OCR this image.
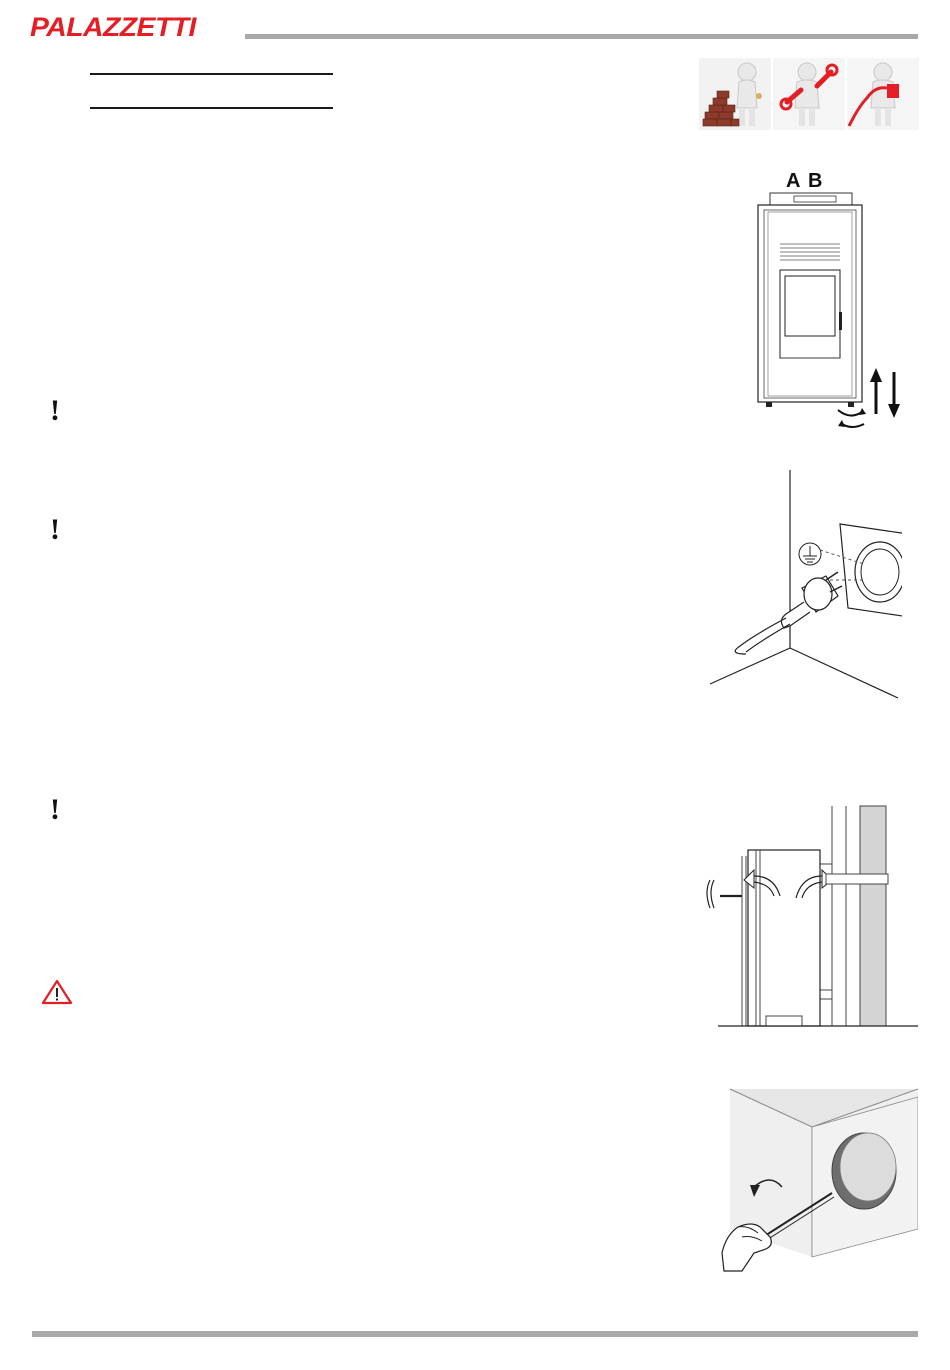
PALAZZETTI
!
!
!
A B
